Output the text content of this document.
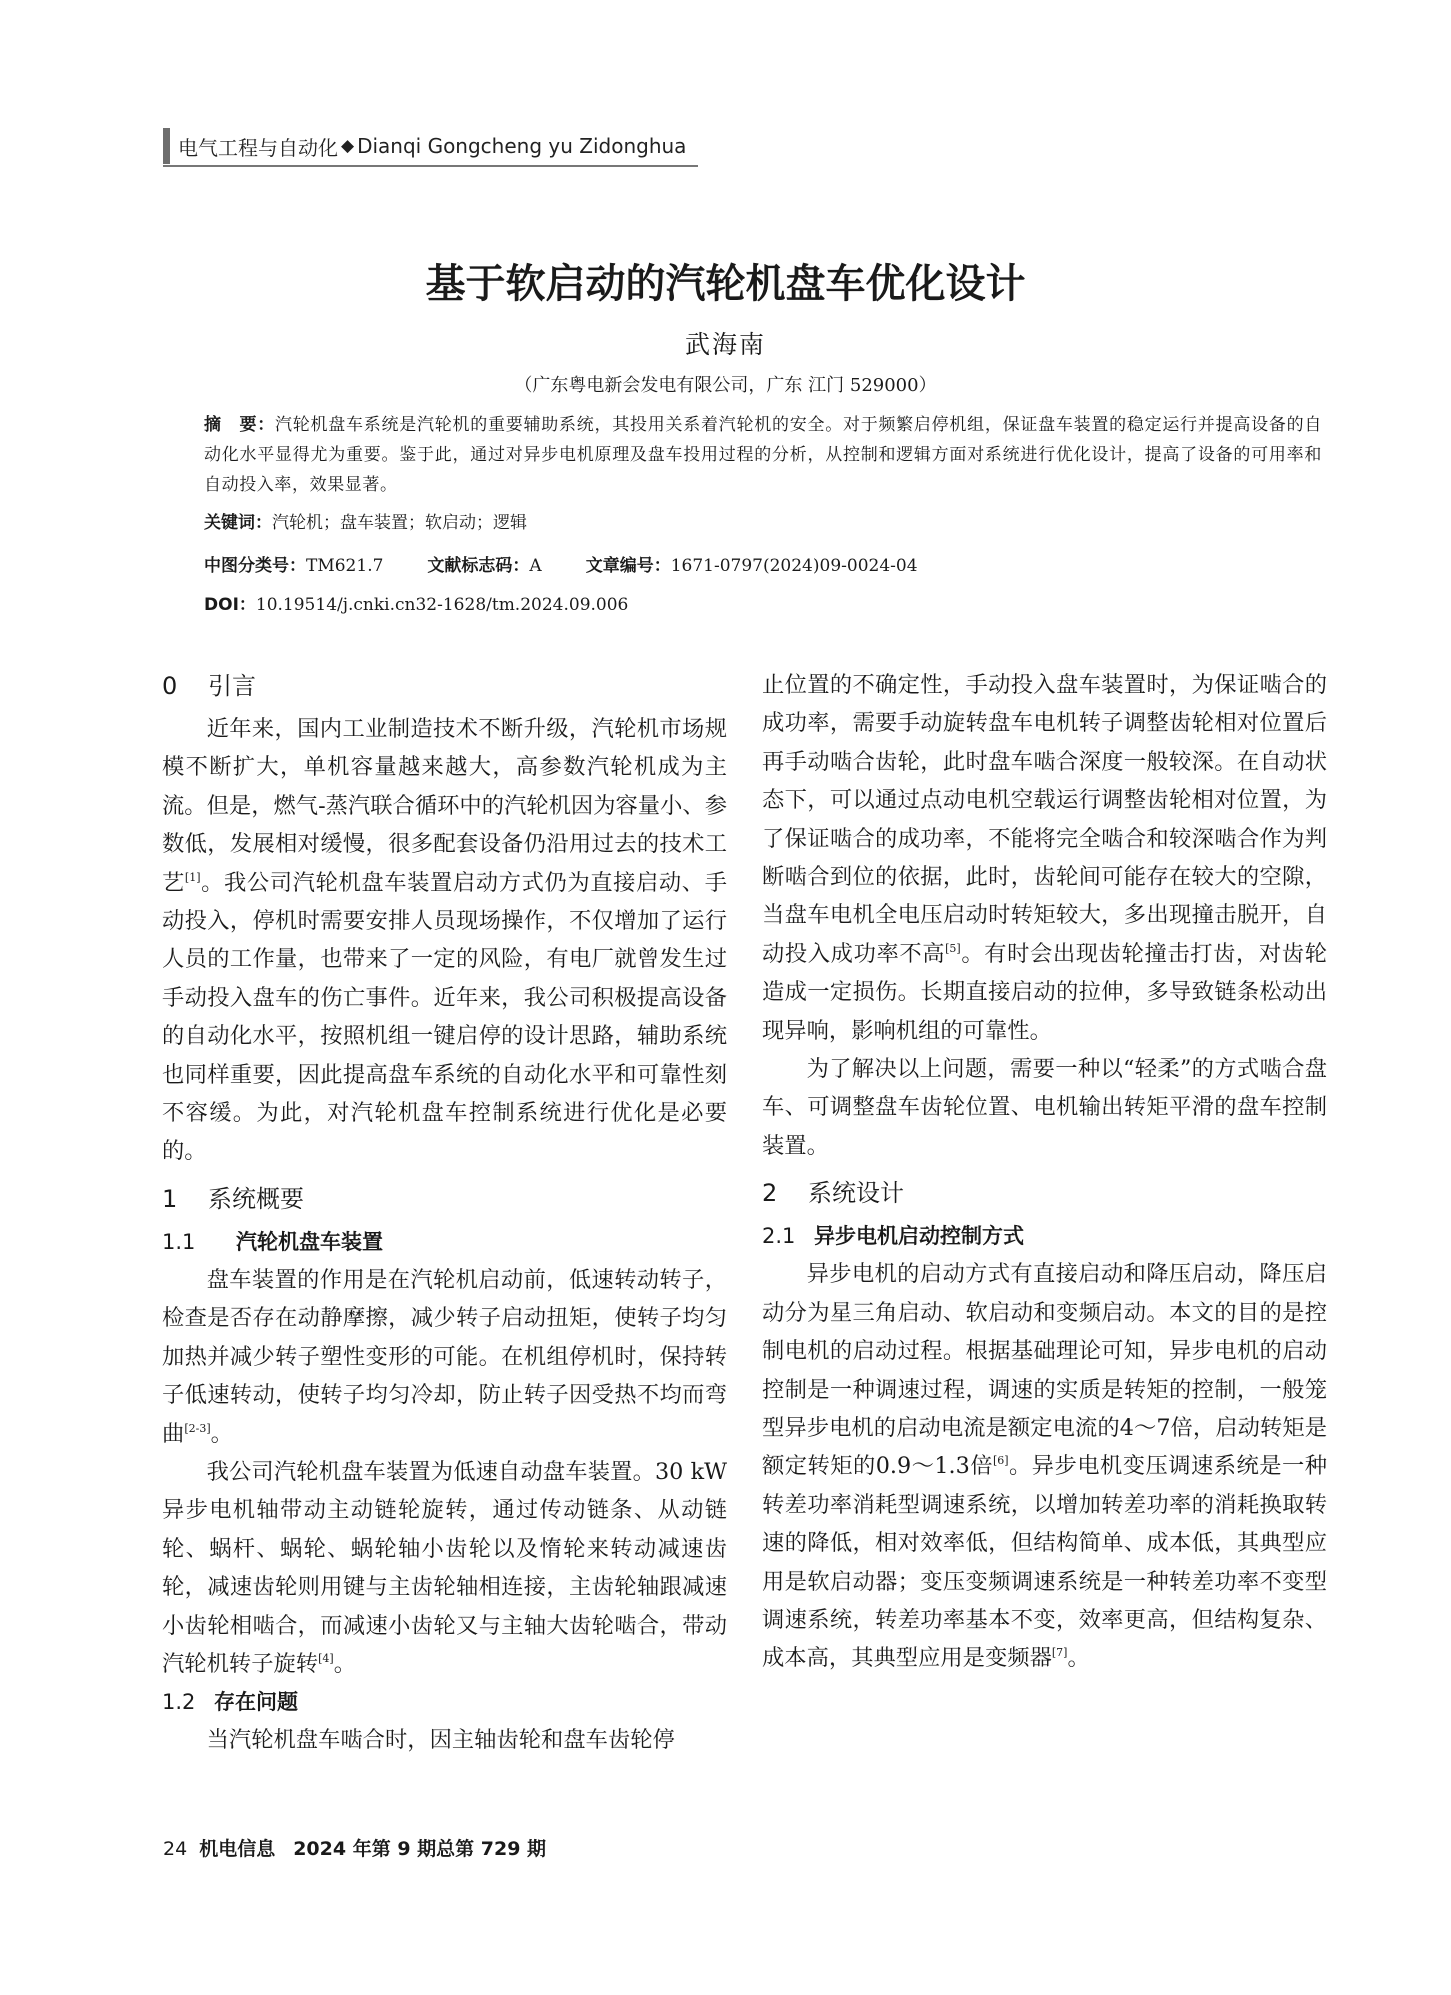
电气工程与自动化 ◆ Dianqi Gongcheng yu Zidonghua
基于软启动的汽轮机盘车优化设计
武海南
（广东粤电新会发电有限公司，广东 江门 529000）
摘　要：汽轮机盘车系统是汽轮机的重要辅助系统，其投用关系着汽轮机的安全。对于频繁启停机组，保证盘车装置的稳定运行并提高设备的自动化水平显得尤为重要。鉴于此，通过对异步电机原理及盘车投用过程的分析，从控制和逻辑方面对系统进行优化设计，提高了设备的可用率和自动投入率，效果显著。
关键词：汽轮机；盘车装置；软启动；逻辑
中图分类号：TM621.7	文献标志码：A	文章编号：1671-0797(2024)09-0024-04
DOI：10.19514/j.cnki.cn32-1628/tm.2024.09.006
0 引言

近年来，国内工业制造技术不断升级，汽轮机市场规模不断扩大，单机容量越来越大，高参数汽轮机成为主流。但是，燃气-蒸汽联合循环中的汽轮机因为容量小、参数低，发展相对缓慢，很多配套设备仍沿用过去的技术工艺[1]。我公司汽轮机盘车装置启动方式仍为直接启动、手动投入，停机时需要安排人员现场操作，不仅增加了运行人员的工作量，也带来了一定的风险，有电厂就曾发生过手动投入盘车的伤亡事件。近年来，我公司积极提高设备的自动化水平，按照机组一键启停的设计思路，辅助系统也同样重要，因此提高盘车系统的自动化水平和可靠性刻不容缓。为此，对汽轮机盘车控制系统进行优化是必要的。

1 系统概要
1.1 汽轮机盘车装置

盘车装置的作用是在汽轮机启动前，低速转动转子，检查是否存在动静摩擦，减少转子启动扭矩，使转子均匀加热并减少转子塑性变形的可能。在机组停机时，保持转子低速转动，使转子均匀冷却，防止转子因受热不均而弯曲[2-3]。

我公司汽轮机盘车装置为低速自动盘车装置。30 kW异步电机轴带动主动链轮旋转，通过传动链条、从动链轮、蜗杆、蜗轮、蜗轮轴小齿轮以及惰轮来转动减速齿轮，减速齿轮则用键与主齿轮轴相连接，主齿轮轴跟减速小齿轮相啮合，而减速小齿轮又与主轴大齿轮啮合，带动汽轮机转子旋转[4]。

1.2 存在问题

当汽轮机盘车啮合时，因主轴齿轮和盘车齿轮停

止位置的不确定性，手动投入盘车装置时，为保证啮合的成功率，需要手动旋转盘车电机转子调整齿轮相对位置后再手动啮合齿轮，此时盘车啮合深度一般较深。在自动状态下，可以通过点动电机空载运行调整齿轮相对位置，为了保证啮合的成功率，不能将完全啮合和较深啮合作为判断啮合到位的依据，此时，齿轮间可能存在较大的空隙，当盘车电机全电压启动时转矩较大，多出现撞击脱开，自动投入成功率不高[5]。有时会出现齿轮撞击打齿，对齿轮造成一定损伤。长期直接启动的拉伸，多导致链条松动出现异响，影响机组的可靠性。

为了解决以上问题，需要一种以“轻柔”的方式啮合盘车、可调整盘车齿轮位置、电机输出转矩平滑的盘车控制装置。

2 系统设计
2.1 异步电机启动控制方式

异步电机的启动方式有直接启动和降压启动，降压启动分为星三角启动、软启动和变频启动。本文的目的是控制电机的启动过程。根据基础理论可知，异步电机的启动控制是一种调速过程，调速的实质是转矩的控制，一般笼型异步电机的启动电流是额定电流的4～7倍，启动转矩是额定转矩的0.9～1.3倍[6]。异步电机变压调速系统是一种转差功率消耗型调速系统，以增加转差功率的消耗换取转速的降低，相对效率低，但结构简单、成本低，其典型应用是软启动器；变压变频调速系统是一种转差功率不变型调速系统，转差功率基本不变，效率更高，但结构复杂、成本高，其典型应用是变频器[7]。

24 机电信息 2024 年第 9 期总第 729 期
